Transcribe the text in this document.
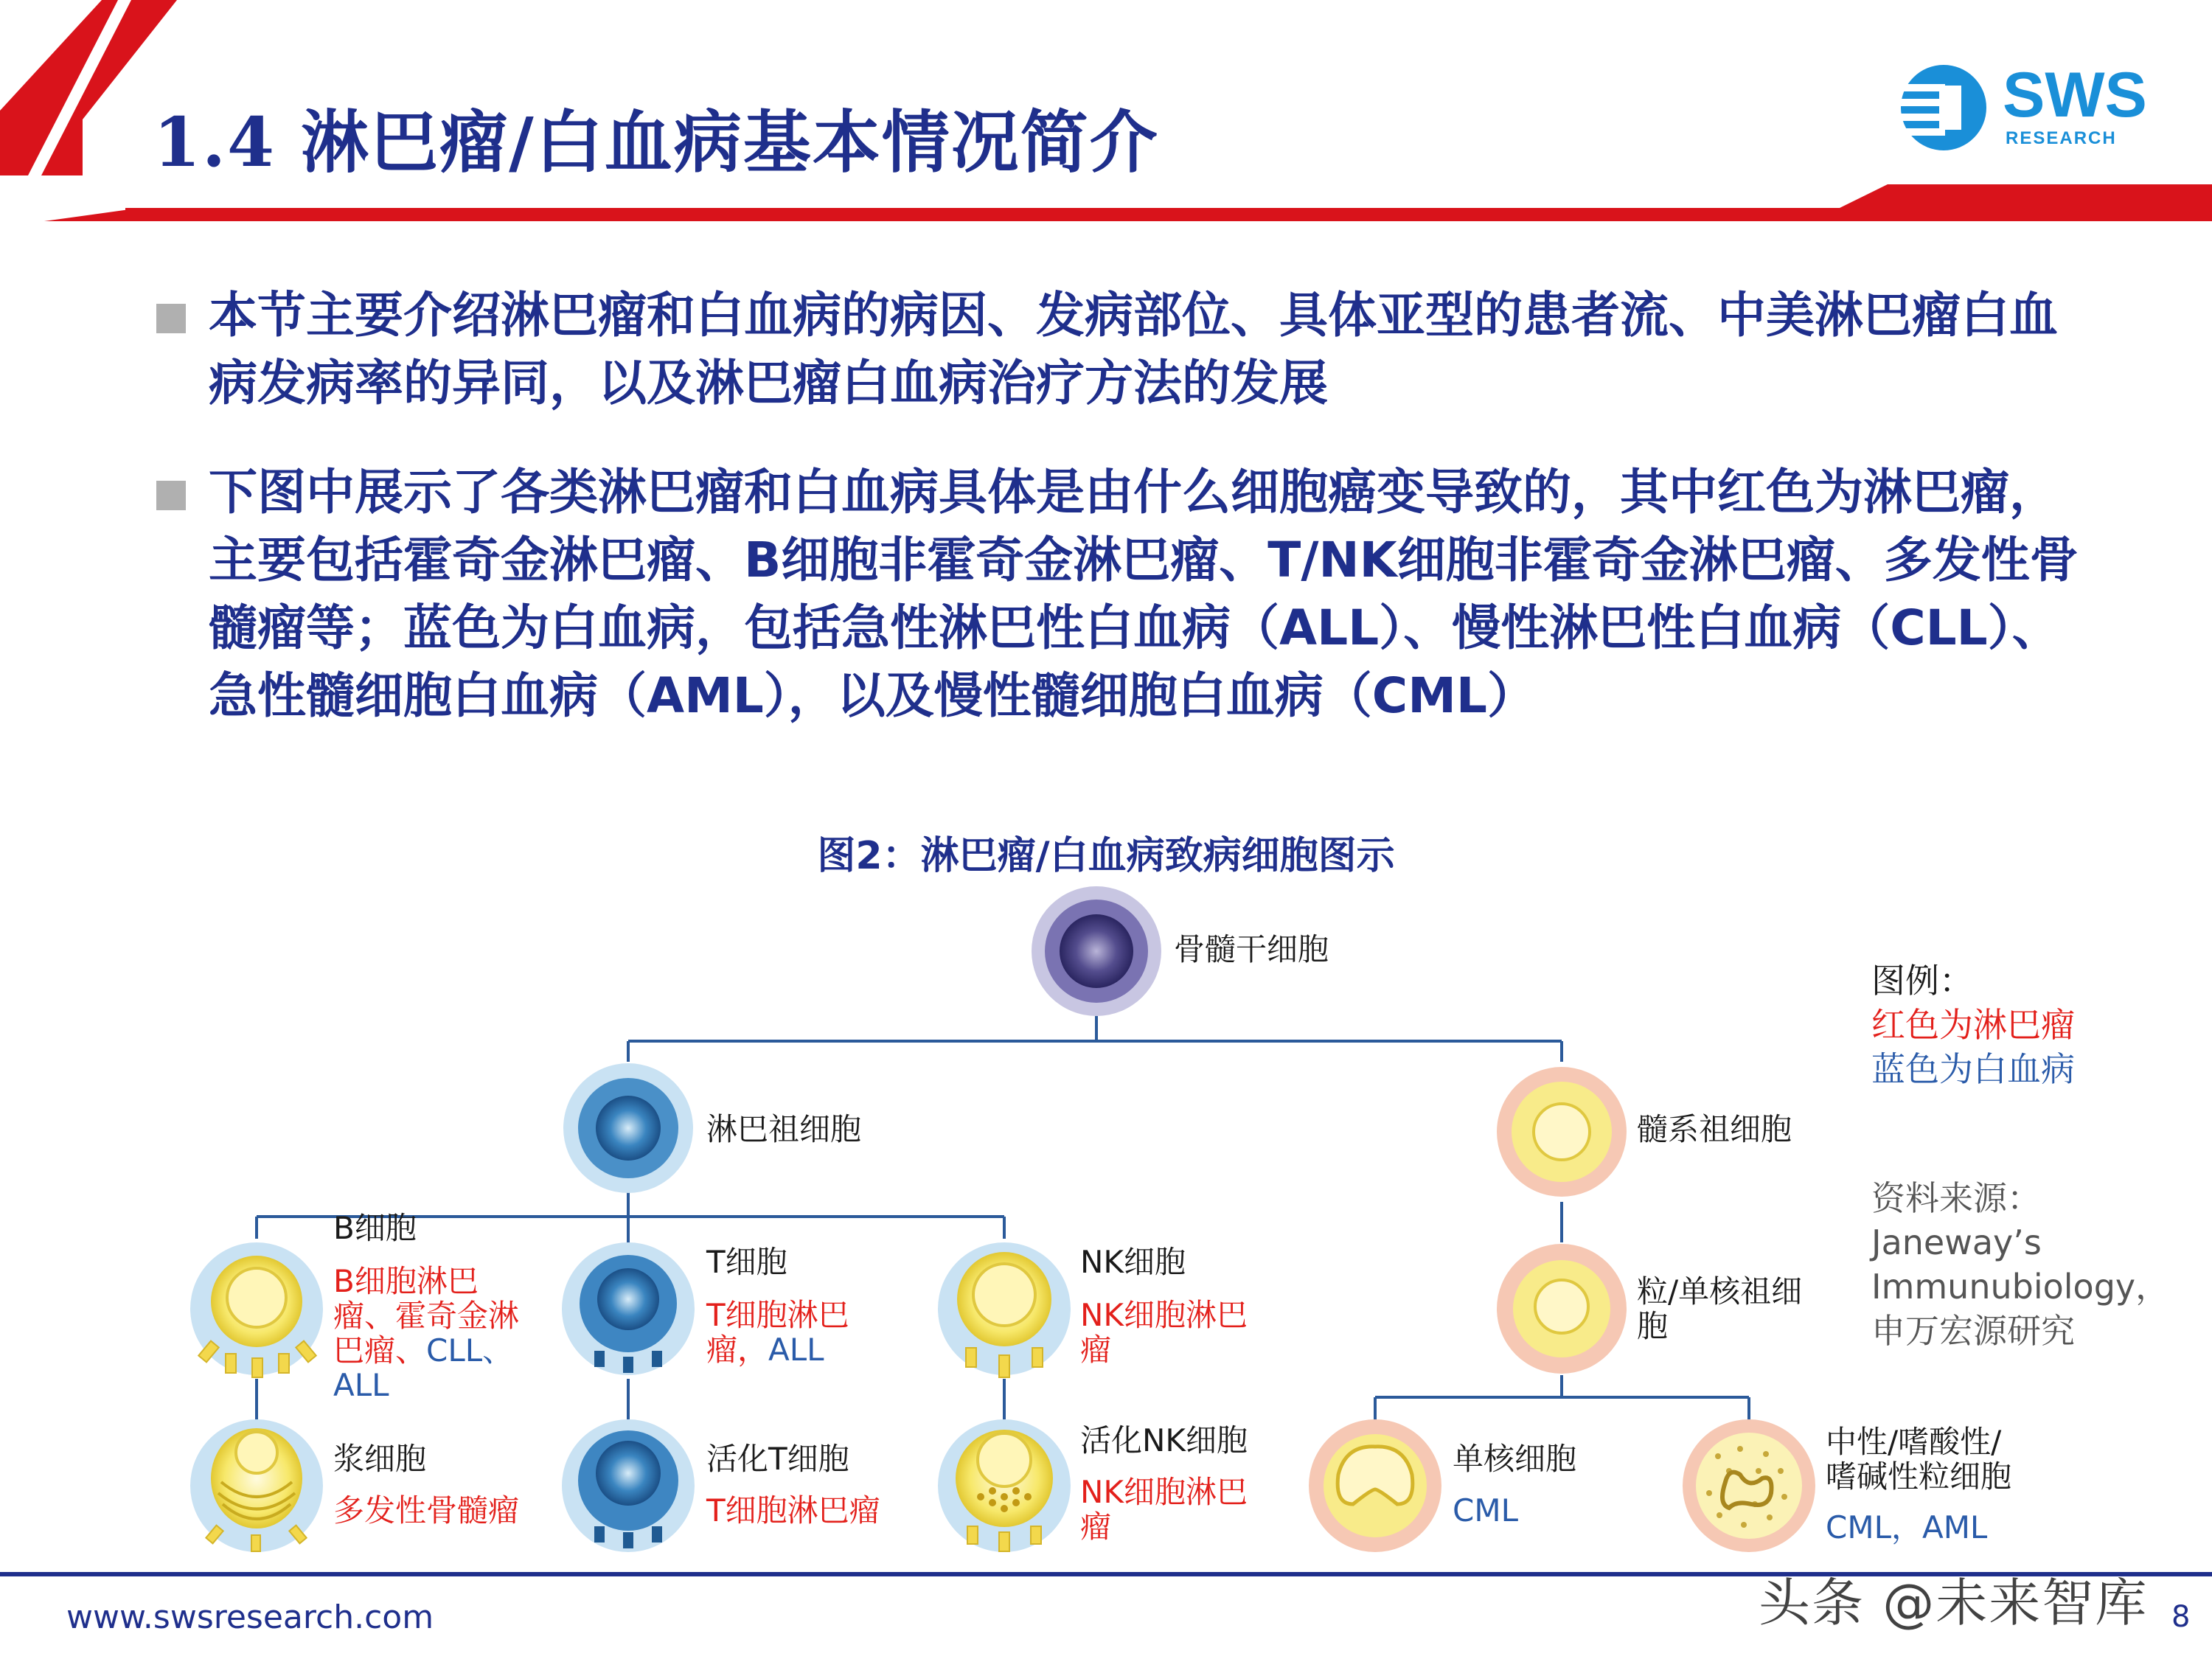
1.4 淋巴瘤/白血病基本情况简介
SWS
RESEARCH
本节主要介绍淋巴瘤和白血病的病因、发病部位、具体亚型的患者流、中美淋巴瘤白血病发病率的异同，以及淋巴瘤白血病治疗方法的发展
下图中展示了各类淋巴瘤和白血病具体是由什么细胞癌变导致的，其中红色为淋巴瘤，主要包括霍奇金淋巴瘤、B细胞非霍奇金淋巴瘤、T/NK细胞非霍奇金淋巴瘤、多发性骨髓瘤等；蓝色为白血病，包括急性淋巴性白血病（ALL）、慢性淋巴性白血病（CLL）、急性髓细胞白血病（AML），以及慢性髓细胞白血病（CML）
图2：淋巴瘤/白血病致病细胞图示
骨髓干细胞
淋巴祖细胞	髓系祖细胞
B细胞
B细胞淋巴瘤、霍奇金淋巴瘤、CLL、ALL
T细胞
T细胞淋巴瘤，ALL
NK细胞
NK细胞淋巴瘤
浆细胞
多发性骨髓瘤
活化T细胞
T细胞淋巴瘤
活化NK细胞
NK细胞淋巴瘤
粒/单核祖细胞
单核细胞
CML
中性/嗜酸性/嗜碱性粒细胞
CML，AML
图例：
红色为淋巴瘤
蓝色为白血病
资料来源：
Janeway’s Immunubiology，申万宏源研究
www.swsresearch.com	头条 @未来智库 8
